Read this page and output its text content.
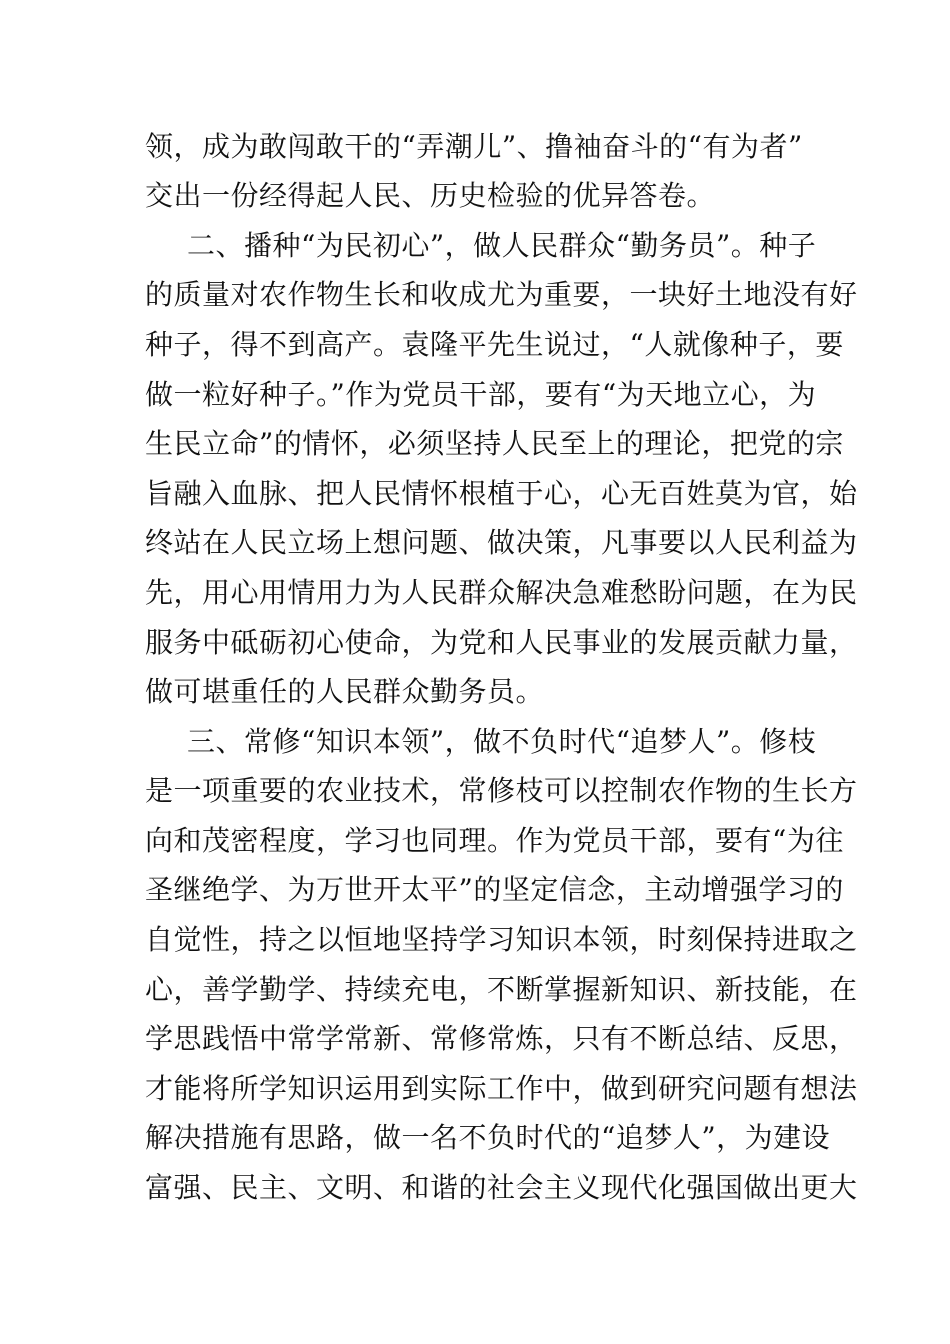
领，成为敢闯敢干的“弄潮儿”、撸袖奋斗的“有为者”
交出一份经得起人民、历史检验的优异答卷。
二、播种“为民初心”，做人民群众“勤务员”。种子
的质量对农作物生长和收成尤为重要，一块好土地没有好
种子，得不到高产。袁隆平先生说过，“人就像种子，要
做一粒好种子。”作为党员干部，要有“为天地立心，为
生民立命”的情怀，必须坚持人民至上的理论，把党的宗
旨融入血脉、把人民情怀根植于心，心无百姓莫为官，始
终站在人民立场上想问题、做决策，凡事要以人民利益为
先，用心用情用力为人民群众解决急难愁盼问题，在为民
服务中砥砺初心使命，为党和人民事业的发展贡献力量，
做可堪重任的人民群众勤务员。
三、常修“知识本领”，做不负时代“追梦人”。修枝
是一项重要的农业技术，常修枝可以控制农作物的生长方
向和茂密程度，学习也同理。作为党员干部，要有“为往
圣继绝学、为万世开太平”的坚定信念，主动增强学习的
自觉性，持之以恒地坚持学习知识本领，时刻保持进取之
心，善学勤学、持续充电，不断掌握新知识、新技能，在
学思践悟中常学常新、常修常炼，只有不断总结、反思，
才能将所学知识运用到实际工作中，做到研究问题有想法
解决措施有思路，做一名不负时代的“追梦人”，为建设
富强、民主、文明、和谐的社会主义现代化强国做出更大
